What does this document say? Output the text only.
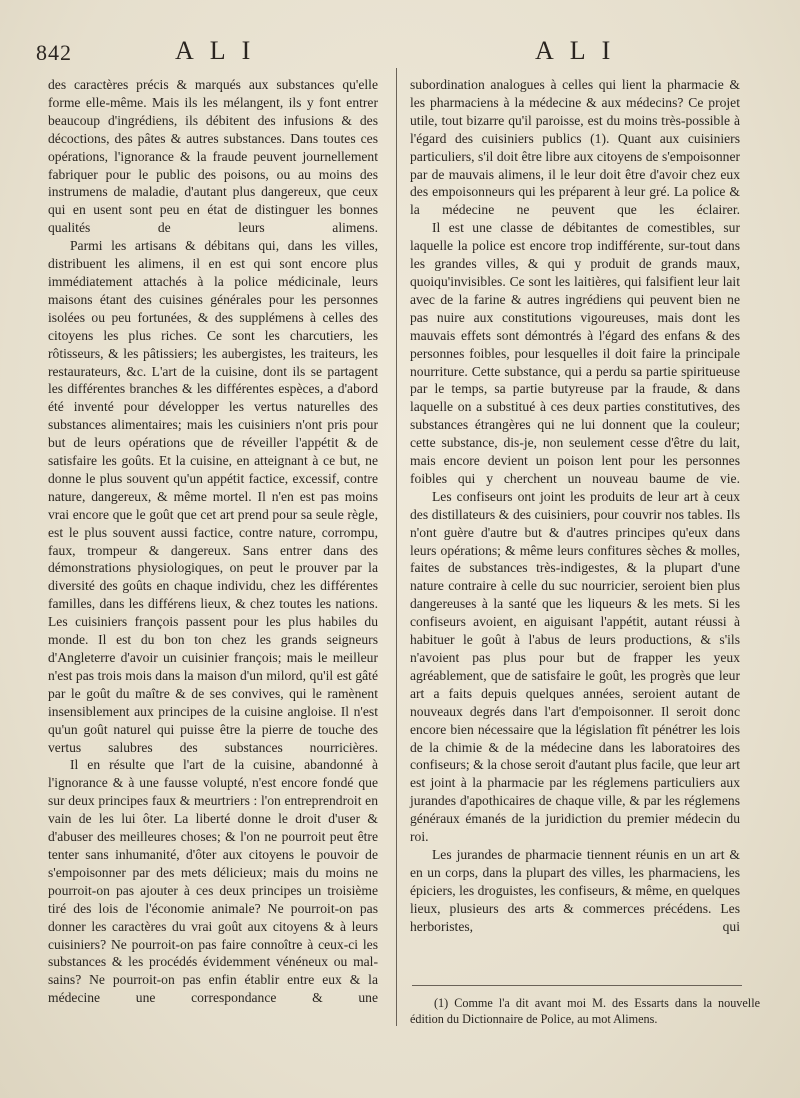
842	ALI	ALI

des caractères précis & marqués aux substances qu'elle forme elle-même. Mais ils les mélangent, ils y font entrer beaucoup d'ingrédiens, ils débitent des infusions & des décoctions, des pâtes & autres substances. Dans toutes ces opérations, l'ignorance & la fraude peuvent journellement fabriquer pour le public des poisons, ou au moins des instrumens de maladie, d'autant plus dangereux, que ceux qui en usent sont peu en état de distinguer les bonnes qualités de leurs alimens.

Parmi les artisans & débitans qui, dans les villes, distribuent les alimens, il en est qui sont encore plus immédiatement attachés à la police médicinale, leurs maisons étant des cuisines générales pour les personnes isolées ou peu fortunées, & des supplémens à celles des citoyens les plus riches. Ce sont les charcutiers, les rôtisseurs, & les pâtissiers; les aubergistes, les traiteurs, les restaurateurs, &c. L'art de la cuisine, dont ils se partagent les différentes branches & les différentes espèces, a d'abord été inventé pour développer les vertus naturelles des substances alimentaires; mais les cuisiniers n'ont pris pour but de leurs opérations que de réveiller l'appétit & de satisfaire les goûts. Et la cuisine, en atteignant à ce but, ne donne le plus souvent qu'un appétit factice, excessif, contre nature, dangereux, & même mortel. Il n'en est pas moins vrai encore que le goût que cet art prend pour sa seule règle, est le plus souvent aussi factice, contre nature, corrompu, faux, trompeur & dangereux. Sans entrer dans des démonstrations physiologiques, on peut le prouver par la diversité des goûts en chaque individu, chez les différentes familles, dans les différens lieux, & chez toutes les nations. Les cuisiniers françois passent pour les plus habiles du monde. Il est du bon ton chez les grands seigneurs d'Angleterre d'avoir un cuisinier françois; mais le meilleur n'est pas trois mois dans la maison d'un milord, qu'il est gâté par le goût du maître & de ses convives, qui le ramènent insensiblement aux principes de la cuisine angloise. Il n'est qu'un goût naturel qui puisse être la pierre de touche des vertus salubres des substances nourricières.

Il en résulte que l'art de la cuisine, abandonné à l'ignorance & à une fausse volupté, n'est encore fondé que sur deux principes faux & meurtriers : l'on entreprendroit en vain de les lui ôter. La liberté donne le droit d'user & d'abuser des meilleures choses; & l'on ne pourroit peut être tenter sans inhumanité, d'ôter aux citoyens le pouvoir de s'empoisonner par des mets délicieux; mais du moins ne pourroit-on pas ajouter à ces deux principes un troisième tiré des lois de l'économie animale? Ne pourroit-on pas donner les caractères du vrai goût aux citoyens & à leurs cuisiniers? Ne pourroit-on pas faire connoître à ceux-ci les substances & les procédés évidemment vénéneux ou mal-sains? Ne pourroit-on pas enfin établir entre eux & la médecine une correspondance & une

subordination analogues à celles qui lient la pharmacie & les pharmaciens à la médecine & aux médecins? Ce projet utile, tout bizarre qu'il paroisse, est du moins très-possible à l'égard des cuisiniers publics (1). Quant aux cuisiniers particuliers, s'il doit être libre aux citoyens de s'empoisonner par de mauvais alimens, il le leur doit être d'avoir chez eux des empoisonneurs qui les préparent à leur gré. La police & la médecine ne peuvent que les éclairer.

Il est une classe de débitantes de comestibles, sur laquelle la police est encore trop indifférente, sur-tout dans les grandes villes, & qui y produit de grands maux, quoiqu'invisibles. Ce sont les laitières, qui falsifient leur lait avec de la farine & autres ingrédiens qui peuvent bien ne pas nuire aux constitutions vigoureuses, mais dont les mauvais effets sont démontrés à l'égard des enfans & des personnes foibles, pour lesquelles il doit faire la principale nourriture. Cette substance, qui a perdu sa partie spiritueuse par le temps, sa partie butyreuse par la fraude, & dans laquelle on a substitué à ces deux parties constitutives, des substances étrangères qui ne lui donnent que la couleur; cette substance, dis-je, non seulement cesse d'être du lait, mais encore devient un poison lent pour les personnes foibles qui y cherchent un nouveau baume de vie.

Les confiseurs ont joint les produits de leur art à ceux des distillateurs & des cuisiniers, pour couvrir nos tables. Ils n'ont guère d'autre but & d'autres principes qu'eux dans leurs opérations; & même leurs confitures sèches & molles, faites de substances très-indigestes, & la plupart d'une nature contraire à celle du suc nourricier, seroient bien plus dangereuses à la santé que les liqueurs & les mets. Si les confiseurs avoient, en aiguisant l'appétit, autant réussi à habituer le goût à l'abus de leurs productions, & s'ils n'avoient pas plus pour but de frapper les yeux agréablement, que de satisfaire le goût, les progrès que leur art a faits depuis quelques années, seroient autant de nouveaux degrés dans l'art d'empoisonner. Il seroit donc encore bien nécessaire que la législation fît pénétrer les lois de la chimie & de la médecine dans les laboratoires des confiseurs; & la chose seroit d'autant plus facile, que leur art est joint à la pharmacie par les réglemens particuliers aux jurandes d'apothicaires de chaque ville, & par les réglemens généraux émanés de la juridiction du premier médecin du roi.

Les jurandes de pharmacie tiennent réunis en un art & en un corps, dans la plupart des villes, les pharmaciens, les épiciers, les droguistes, les confiseurs, & même, en quelques lieux, plusieurs des arts & commerces précédens. Les herboristes, qui

(1) Comme l'a dit avant moi M. des Essarts dans la nouvelle édition du Dictionnaire de Police, au mot Alimens.
